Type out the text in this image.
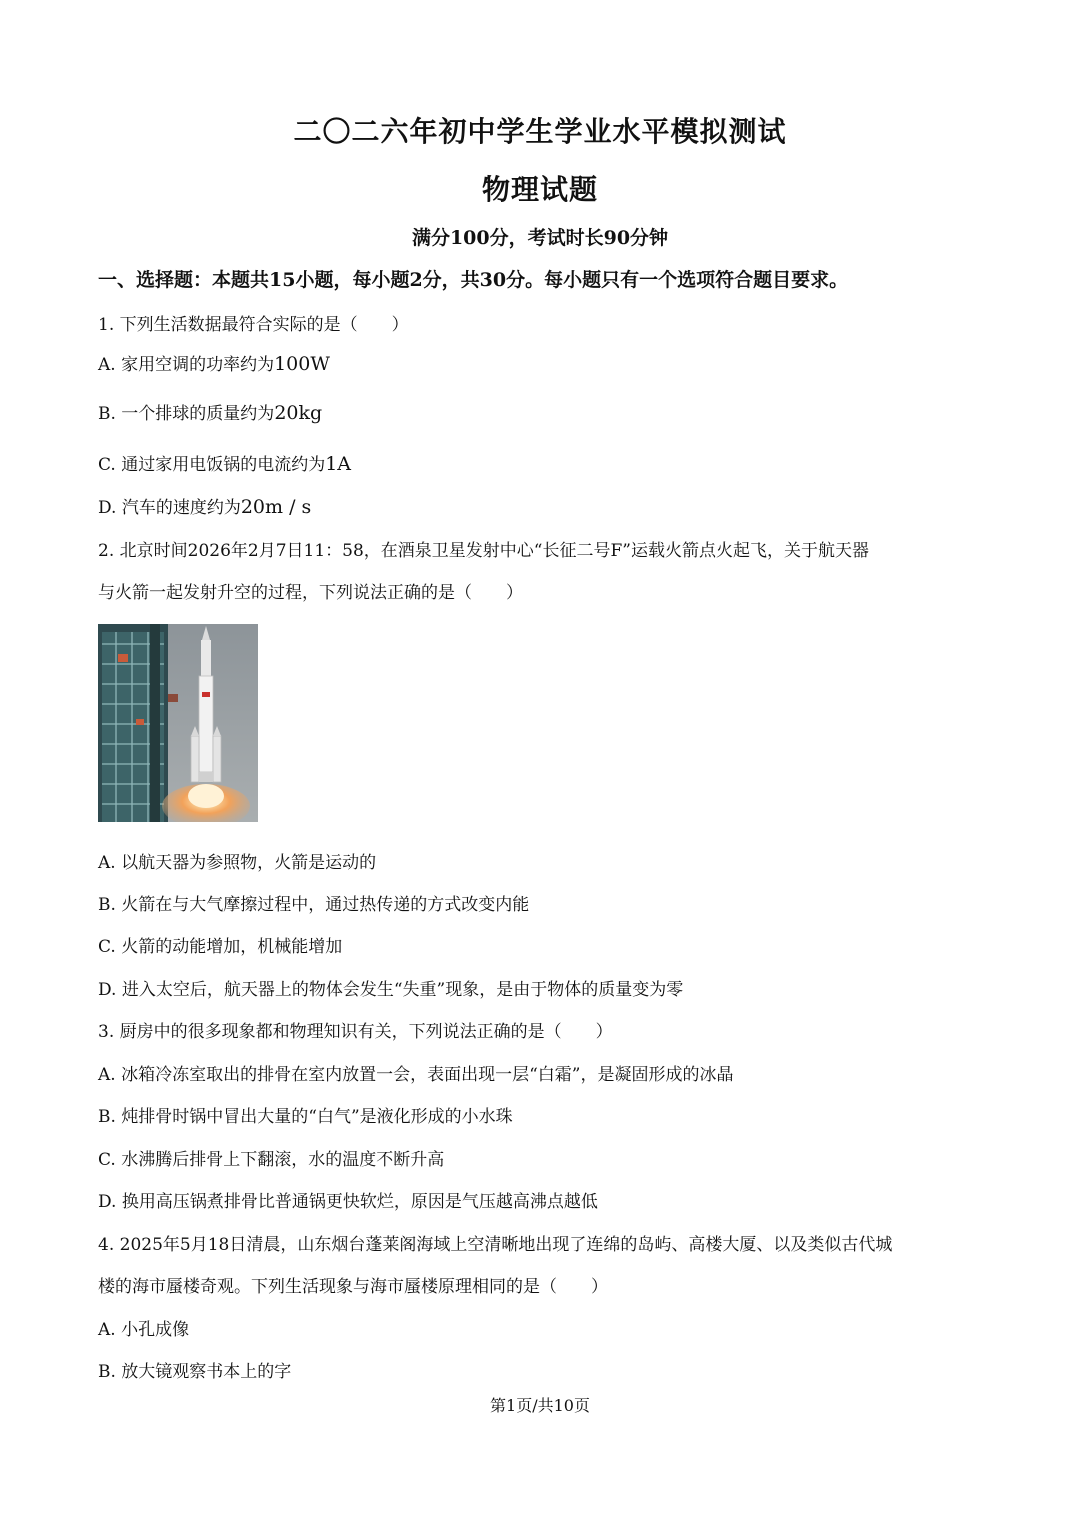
二〇二六年初中学生学业水平模拟测试
物理试题
满分100分，考试时长90分钟
一、选择题：本题共15小题，每小题2分，共30分。每小题只有一个选项符合题目要求。
1. 下列生活数据最符合实际的是（　　）
A. 家用空调的功率约为100W
B. 一个排球的质量约为20kg
C. 通过家用电饭锅的电流约为1A
D. 汽车的速度约为20m / s
2. 北京时间2026年2月7日11：58，在酒泉卫星发射中心“长征二号F”运载火箭点火起飞，关于航天器
与火箭一起发射升空的过程，下列说法正确的是（　　）
A. 以航天器为参照物，火箭是运动的
B. 火箭在与大气摩擦过程中，通过热传递的方式改变内能
C. 火箭的动能增加，机械能增加
D. 进入太空后，航天器上的物体会发生“失重”现象，是由于物体的质量变为零
3. 厨房中的很多现象都和物理知识有关，下列说法正确的是（　　）
A. 冰箱冷冻室取出的排骨在室内放置一会，表面出现一层“白霜”，是凝固形成的冰晶
B. 炖排骨时锅中冒出大量的“白气”是液化形成的小水珠
C. 水沸腾后排骨上下翻滚，水的温度不断升高
D. 换用高压锅煮排骨比普通锅更快软烂，原因是气压越高沸点越低
4. 2025年5月18日清晨，山东烟台蓬莱阁海域上空清晰地出现了连绵的岛屿、高楼大厦、以及类似古代城
楼的海市蜃楼奇观。下列生活现象与海市蜃楼原理相同的是（　　）
A. 小孔成像
B. 放大镜观察书本上的字
第1页/共10页
